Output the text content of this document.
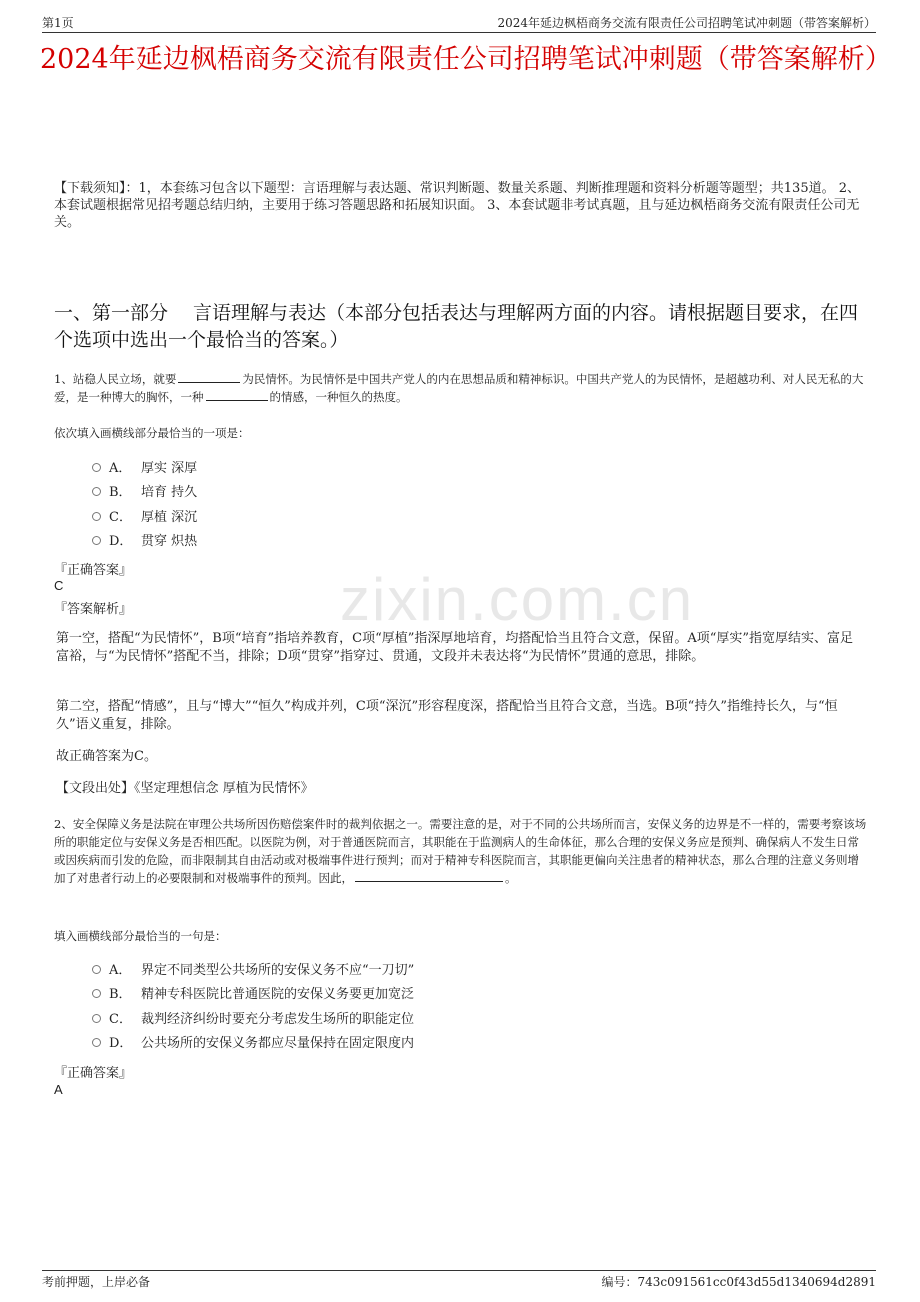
第1页	2024年延边枫梧商务交流有限责任公司招聘笔试冲刺题（带答案解析）
2024年延边枫梧商务交流有限责任公司招聘笔试冲刺题（带答案解析）
【下载须知】：1，本套练习包含以下题型：言语理解与表达题、常识判断题、数量关系题、判断推理题和资料分析题等题型；共135道。 2、本套试题根据常见招考题总结归纳，主要用于练习答题思路和拓展知识面。 3、本套试题非考试真题，且与延边枫梧商务交流有限责任公司无关。
一、第一部分　 言语理解与表达（本部分包括表达与理解两方面的内容。请根据题目要求，在四个选项中选出一个最恰当的答案。）
zixin.com.cn
1、站稳人民立场，就要	为民情怀。为民情怀是中国共产党人的内在思想品质和精神标识。中国共产党人的为民情怀，是超越功利、对人民无私的大爱，是一种博大的胸怀，一种	的情感，一种恒久的热度。
依次填入画横线部分最恰当的一项是：
A． 厚实 深厚
B． 培育 持久
C． 厚植 深沉
D． 贯穿 炽热
『正确答案』
C
『答案解析』
第一空，搭配“为民情怀”，B项“培育”指培养教育，C项“厚植”指深厚地培育，均搭配恰当且符合文意，保留。A项“厚实”指宽厚结实、富足富裕，与“为民情怀”搭配不当，排除；D项“贯穿”指穿过、贯通，文段并未表达将“为民情怀”贯通的意思，排除。
第二空，搭配“情感”，且与“博大”“恒久”构成并列，C项“深沉”形容程度深，搭配恰当且符合文意，当选。B项“持久”指维持长久，与“恒久”语义重复，排除。
故正确答案为C。
【文段出处】《坚定理想信念 厚植为民情怀》
2、安全保障义务是法院在审理公共场所因伤赔偿案件时的裁判依据之一。需要注意的是，对于不同的公共场所而言，安保义务的边界是不一样的，需要考察该场所的职能定位与安保义务是否相匹配。以医院为例，对于普通医院而言，其职能在于监测病人的生命体征，那么合理的安保义务应是预判、确保病人不发生日常或因疾病而引发的危险，而非限制其自由活动或对极端事件进行预判；而对于精神专科医院而言，其职能更偏向关注患者的精神状态，那么合理的注意义务则增加了对患者行动上的必要限制和对极端事件的预判。因此，	。
填入画横线部分最恰当的一句是：
A． 界定不同类型公共场所的安保义务不应“一刀切”
B． 精神专科医院比普通医院的安保义务要更加宽泛
C． 裁判经济纠纷时要充分考虑发生场所的职能定位
D． 公共场所的安保义务都应尽量保持在固定限度内
『正确答案』
A
考前押题，上岸必备	编号：743c091561cc0f43d55d1340694d2891
